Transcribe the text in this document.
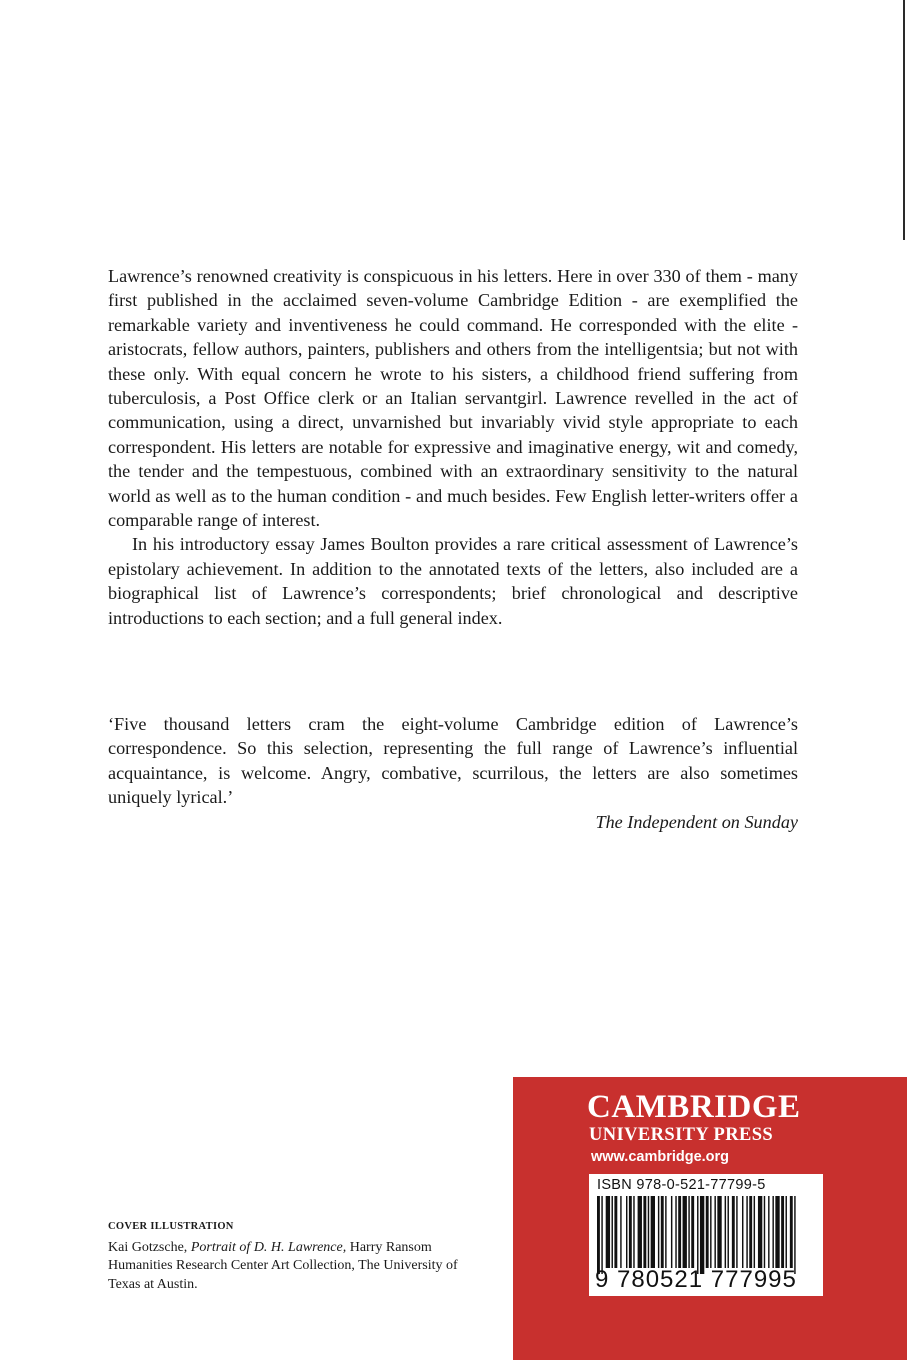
Lawrence’s renowned creativity is conspicuous in his letters. Here in over 330 of them - many first published in the acclaimed seven-volume Cambridge Edition - are exemplified the remarkable variety and inventiveness he could command. He corresponded with the elite - aristocrats, fellow authors, painters, publishers and others from the intelligentsia; but not with these only. With equal concern he wrote to his sisters, a childhood friend suffering from tuberculosis, a Post Office clerk or an Italian servantgirl. Lawrence revelled in the act of communication, using a direct, unvarnished but invariably vivid style appropriate to each correspondent. His letters are notable for expressive and imaginative energy, wit and comedy, the tender and the tempestuous, combined with an extraordinary sensitivity to the natural world as well as to the human condition - and much besides. Few English letter-writers offer a comparable range of interest.

In his introductory essay James Boulton provides a rare critical assessment of Lawrence’s epistolary achievement. In addition to the annotated texts of the letters, also included are a biographical list of Lawrence’s correspondents; brief chronological and descriptive introductions to each section; and a full general index.

‘Five thousand letters cram the eight-volume Cambridge edition of Lawrence’s correspondence. So this selection, representing the full range of Lawrence’s influential acquaintance, is welcome. Angry, combative, scurrilous, the letters are also sometimes uniquely lyrical.’

The Independent on Sunday
COVER ILLUSTRATION
Kai Gotzsche, Portrait of D. H. Lawrence, Harry Ransom Humanities Research Center Art Collection, The University of Texas at Austin.
CAMBRIDGE
UNIVERSITY PRESS
www.cambridge.org
ISBN 978-0-521-77799-5
9 780521 777995
